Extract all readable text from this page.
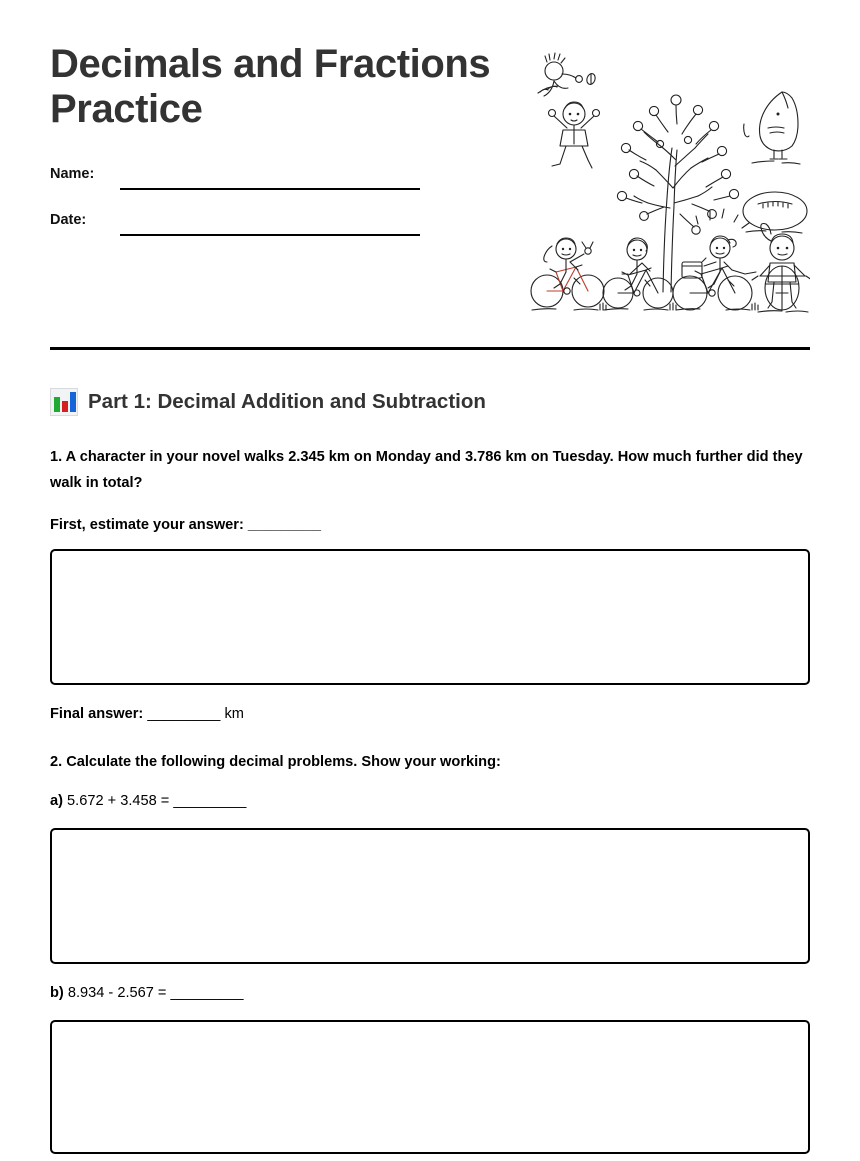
Decimals and Fractions Practice
Name:
Date:
Part 1: Decimal Addition and Subtraction
1. A character in your novel walks 2.345 km on Monday and 3.786 km on Tuesday. How much further did they walk in total?
First, estimate your answer: _________
Final answer: _________ km
2. Calculate the following decimal problems. Show your working:
a) 5.672 + 3.458 = _________
b) 8.934 - 2.567 = _________
